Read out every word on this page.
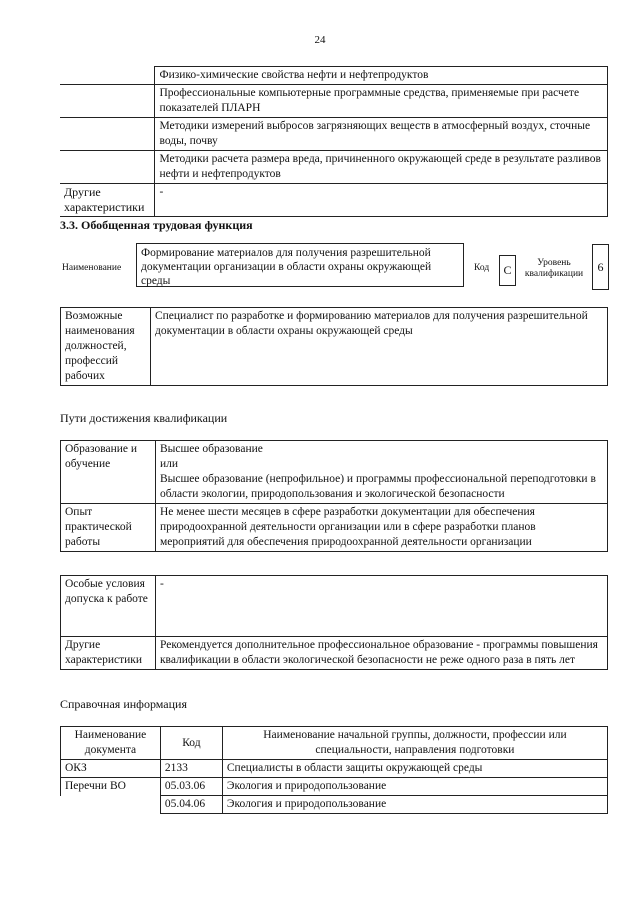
24
	Физико-химические свойства нефти и нефтепродуктов
	Профессиональные компьютерные программные средства, применяемые при расчете показателей ПЛАРН
	Методики измерений выбросов загрязняющих веществ в атмосферный воздух, сточные воды, почву
	Методики расчета размера вреда, причиненного окружающей среде в результате разливов нефти и нефтепродуктов
Другие характеристики	-
3.3. Обобщенная трудовая функция
Наименование
Формирование материалов для получения разрешительной документации организации в области охраны окружающей среды
Код	C	Уровень квалификации	6
Возможные наименования должностей, профессий рабочих	Специалист по разработке и формированию материалов для получения разрешительной документации в области охраны окружающей среды
Пути достижения квалификации
Образование и обучение	Высшее образование
или
Высшее образование (непрофильное) и программы профессиональной переподготовки в области экологии, природопользования и экологической безопасности

Опыт практической работы	Не менее шести месяцев в сфере разработки документации для обеспечения природоохранной деятельности организации или в сфере разработки планов мероприятий для обеспечения природоохранной деятельности организации
Особые условия допуска к работе	-
Другие характеристики	Рекомендуется дополнительное профессиональное образование - программы повышения квалификации в области экологической безопасности не реже одного раза в пять лет
Справочная информация
Наименование документа	Код	Наименование начальной группы, должности, профессии или специальности, направления подготовки
ОКЗ	2133	Специалисты в области защиты окружающей среды
Перечни ВО	05.03.06	Экология и природопользование
	05.04.06	Экология и природопользование
